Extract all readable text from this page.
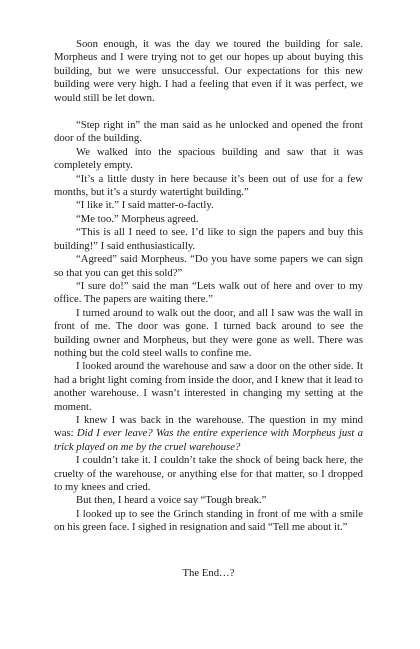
Soon enough, it was the day we toured the building for sale. Morpheus and I were trying not to get our hopes up about buying this building, but we were unsuccessful. Our expectations for this new building were very high. I had a feeling that even if it was perfect, we would still be let down.

“Step right in” the man said as he unlocked and opened the front door of the building.

We walked into the spacious building and saw that it was completely empty.

“It’s a little dusty in here because it’s been out of use for a few months, but it’s a sturdy watertight building.”

“I like it.” I said matter-o-factly.

“Me too.” Morpheus agreed.

“This is all I need to see. I’d like to sign the papers and buy this building!” I said enthusiastically.

“Agreed” said Morpheus. “Do you have some papers we can sign so that you can get this sold?”

“I sure do!” said the man “Lets walk out of here and over to my office. The papers are waiting there.”

I turned around to walk out the door, and all I saw was the wall in front of me. The door was gone. I turned back around to see the building owner and Morpheus, but they were gone as well. There was nothing but the cold steel walls to confine me.

I looked around the warehouse and saw a door on the other side. It had a bright light coming from inside the door, and I knew that it lead to another warehouse. I wasn’t interested in changing my setting at the moment.

I knew I was back in the warehouse. The question in my mind was: Did I ever leave? Was the entire experience with Morpheus just a trick played on me by the cruel warehouse?

I couldn’t take it. I couldn’t take the shock of being back here, the cruelty of the warehouse, or anything else for that matter, so I dropped to my knees and cried.

But then, I heard a voice say “Tough break.”

I looked up to see the Grinch standing in front of me with a smile on his green face. I sighed in resignation and said “Tell me about it.”

The End…?
